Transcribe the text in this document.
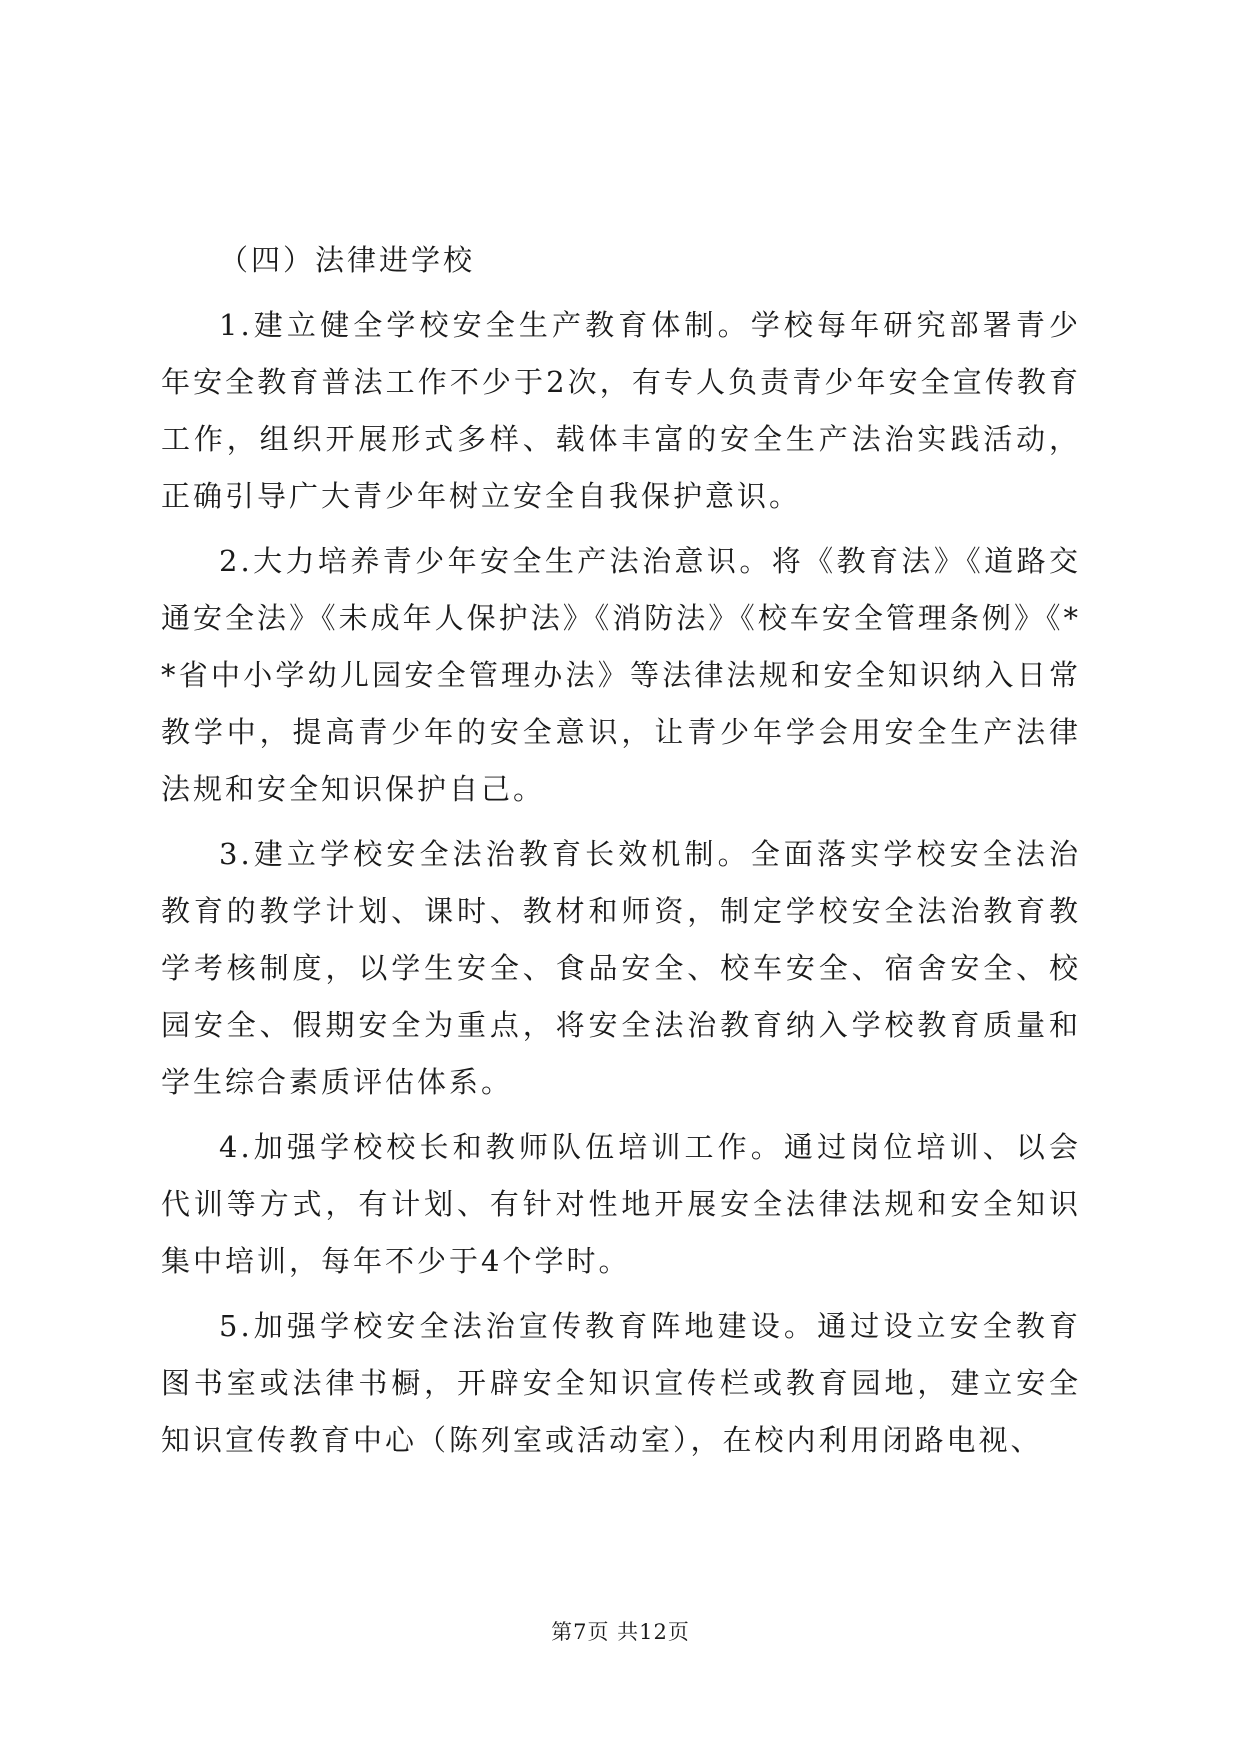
（四）法律进学校

1.建立健全学校安全生产教育体制。学校每年研究部署青少年安全教育普法工作不少于2次，有专人负责青少年安全宣传教育工作，组织开展形式多样、载体丰富的安全生产法治实践活动，正确引导广大青少年树立安全自我保护意识。

2.大力培养青少年安全生产法治意识。将《教育法》《道路交通安全法》《未成年人保护法》《消防法》《校车安全管理条例》《**省中小学幼儿园安全管理办法》等法律法规和安全知识纳入日常教学中，提高青少年的安全意识，让青少年学会用安全生产法律法规和安全知识保护自己。

3.建立学校安全法治教育长效机制。全面落实学校安全法治教育的教学计划、课时、教材和师资，制定学校安全法治教育教学考核制度，以学生安全、食品安全、校车安全、宿舍安全、校园安全、假期安全为重点，将安全法治教育纳入学校教育质量和学生综合素质评估体系。

4.加强学校校长和教师队伍培训工作。通过岗位培训、以会代训等方式，有计划、有针对性地开展安全法律法规和安全知识集中培训，每年不少于4个学时。

5.加强学校安全法治宣传教育阵地建设。通过设立安全教育图书室或法律书橱，开辟安全知识宣传栏或教育园地，建立安全知识宣传教育中心（陈列室或活动室），在校内利用闭路电视、

第7页 共12页
